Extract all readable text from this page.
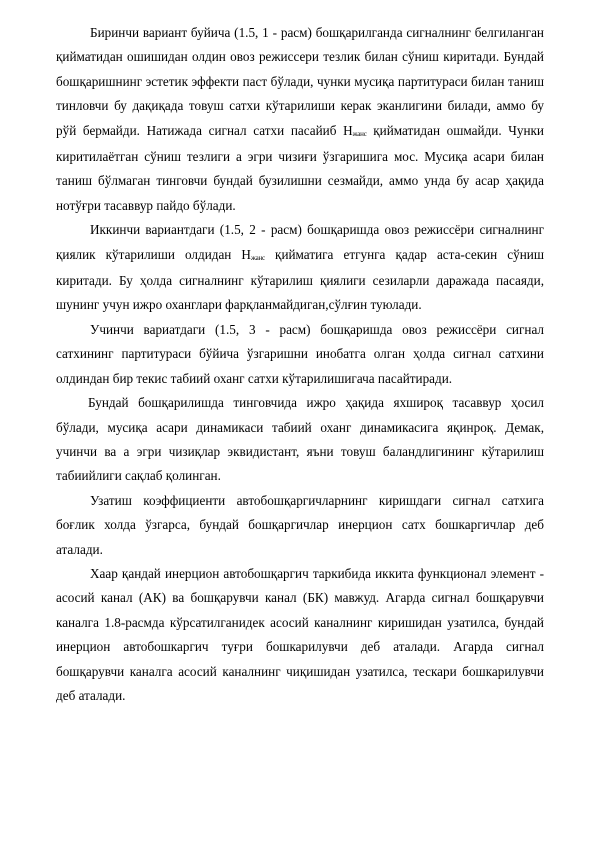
Биринчи вариант буйича (1.5, 1 - расм) бошқарилганда сигналнинг белгиланган қийматидан ошишидан олдин овоз режиссери тезлик билан сўниш киритади. Бундай бошқаришнинг эстетик эффекти паст бўлади, чунки мусиқа партитураси билан таниш тинловчи бу дақиқада товуш сатхи кўтарилиши керак эканлигини билади, аммо бу рўй бермайди. Натижада сигнал сатхи пасайиб $Н_{жанс}$ қийматидан ошмайди. Чунки киритилаётган сўниш тезлиги а эгри чизиғи ўзгаришига мос. Мусиқа асари билан таниш бўлмаган тинговчи бундай бузилишни сезмайди, аммо унда бу асар ҳақида нотўғри тасаввур пайдо бўлади.

Иккинчи вариантдаги (1.5, 2 - расм) бошқаришда овоз режиссёри сигналнинг қиялик кўтарилиши олдидан $Н_{жанс}$ қийматига етгунга қадар аста-секин сўниш киритади. Бу ҳолда сигналнинг кўтарилиш қиялиги сезиларли даражада пасаяди, шунинг учун ижро оханглари фарқланмайдиган,сўлғин туюлади.

Учинчи вариатдаги (1.5, 3 - расм) бошқаришда овоз режиссёри сигнал сатхининг партитураси бўйича ўзгаришни инобатга олган ҳолда сигнал сатхини олдиндан бир текис табиий оханг сатхи кўтарилишигача пасайтиради.

Бундай бошқарилишда тинговчида ижро ҳақида яхшироқ тасаввур ҳосил бўлади, мусиқа асари динамикаси табиий оханг динамикасига яқинроқ. Демак, учинчи ва а эгри чизиқлар эквидистант, яъни товуш баландлигининг кўтарилиш табиийлиги сақлаб қолинган.

Узатиш коэффициенти автобошқаргичларнинг киришдаги сигнал сатхига боғлик холда ўзгарса, бундай бошқаргичлар инерцион сатх бошкаргичлар деб аталади.

Хаар қандай инерцион автобошқаргич таркибида иккита функционал элемент - асосий канал (АК) ва бошқарувчи канал (БК) мавжуд. Агарда сигнал бошқарувчи каналга 1.8-расмда кўрсатилганидек асосий каналнинг киришидан узатилса, бундай инерцион автобошкаргич туғри бошкарилувчи деб аталади. Агарда сигнал бошқарувчи каналга асосий каналнинг чиқишидан узатилса, тескари бошкарилувчи деб аталади.
